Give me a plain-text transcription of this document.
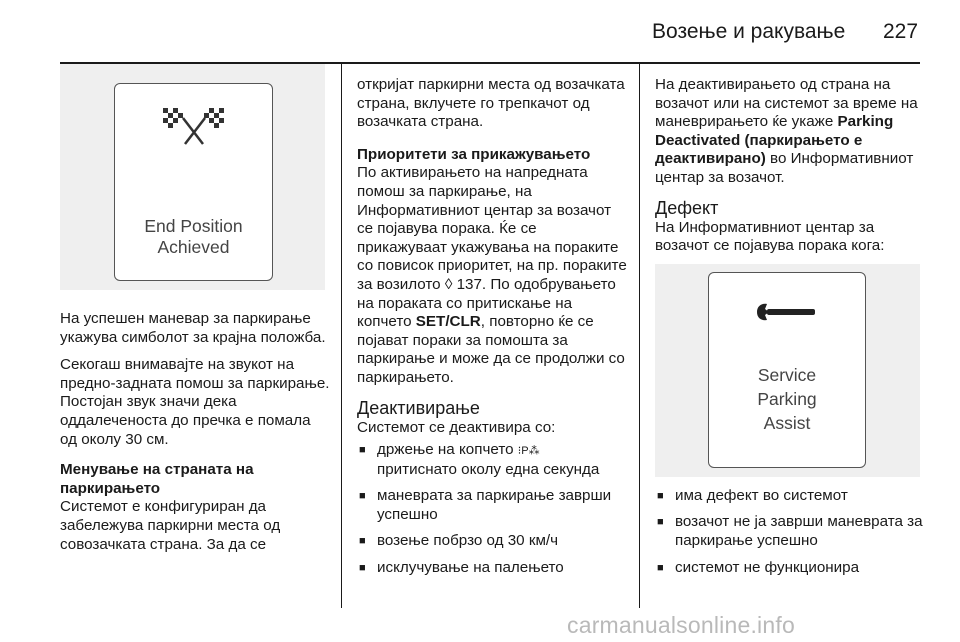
Возење и ракување 227
End Position
Achieved

На успешен маневар за паркирање укажува симболот за крајна положба.

Секогаш внимавајте на звукот на предно-задната помош за паркирање. Постојан звук значи дека оддалеченоста до пречка е помала од околу 30 см.

Менување на страната на паркирањето

Системот е конфигуриран да забележува паркирни места од совозачката страна. За да се

откријат паркирни места од возачката страна, вклучете го трепкачот од возачката страна.

Приоритети за прикажувањето

По активирањето на напредната помош за паркирање, на Информативниот центар за возачот се појавува порака. Ќе се прикажуваат укажувања на пораките со повисок приоритет, на пр. пораките за возилото ◊ 137. По одобрувањето на пораката со притискање на копчето SET/CLR, повторно ќе се појават пораки за помошта за паркирање и може да се продолжи со паркирањето.

Деактивирање

Системот се деактивира со:

■ држење на копчето ⁝P⁂
притиснато околу една секунда
■ маневрата за паркирање заврши успешно
■ возење побрзо од 30 км/ч
■ исклучување на палењето

На деактивирањето од страна на возачот или на системот за време на маневрирањето ќе укаже Parking Deactivated (паркирањето е деактивирано) во Информативниот центар за возачот.

Дефект

На Информативниот центар за возачот се појавува порака кога:

Service
Parking
Assist
■ има дефект во системот
■ возачот не ја заврши маневрата за паркирање успешно
■ системот не функционира
carmanualsonline.info
